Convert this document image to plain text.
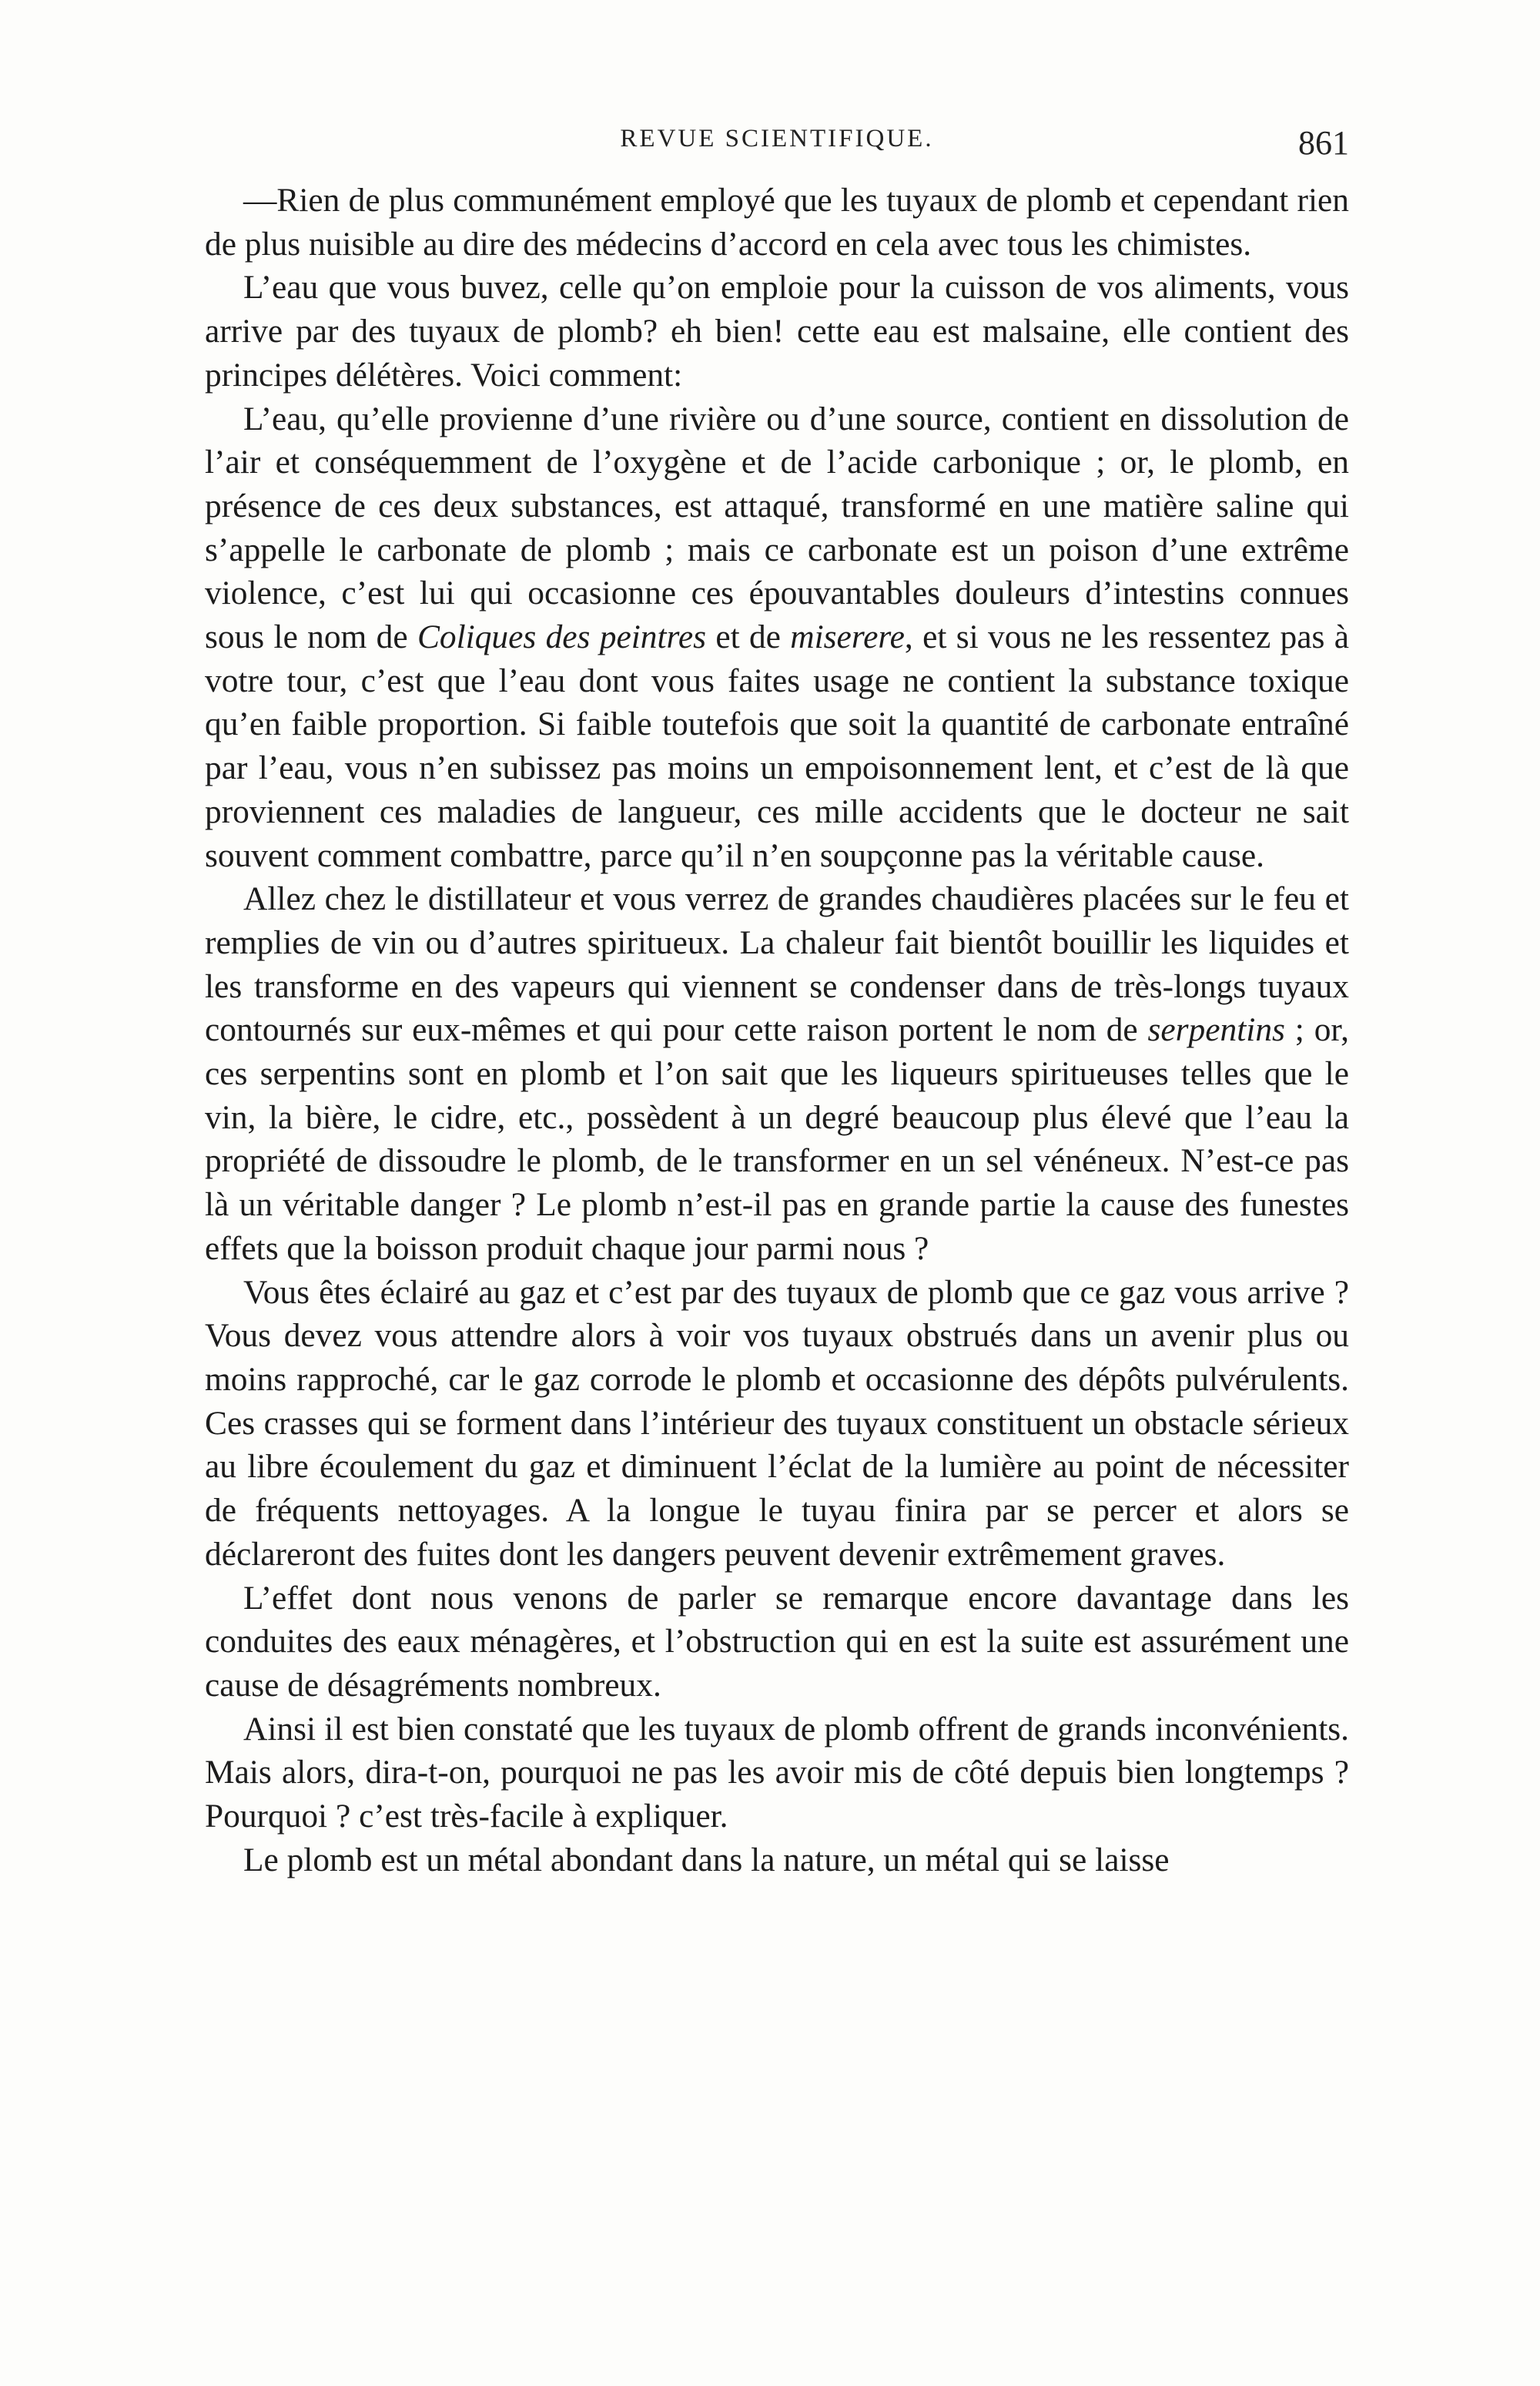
REVUE SCIENTIFIQUE.	861

—Rien de plus communément employé que les tuyaux de plomb et cependant rien de plus nuisible au dire des médecins d’accord en cela avec tous les chimistes.

L’eau que vous buvez, celle qu’on emploie pour la cuisson de vos aliments, vous arrive par des tuyaux de plomb? eh bien! cette eau est malsaine, elle contient des principes délétères. Voici comment:

L’eau, qu’elle provienne d’une rivière ou d’une source, contient en dissolution de l’air et conséquemment de l’oxygène et de l’acide carbonique ; or, le plomb, en présence de ces deux substances, est attaqué, transformé en une matière saline qui s’appelle le carbonate de plomb ; mais ce carbonate est un poison d’une extrême violence, c’est lui qui occasionne ces épouvantables douleurs d’intestins connues sous le nom de Coliques des peintres et de miserere, et si vous ne les ressentez pas à votre tour, c’est que l’eau dont vous faites usage ne contient la substance toxique qu’en faible proportion. Si faible toutefois que soit la quantité de carbonate entraîné par l’eau, vous n’en subissez pas moins un empoisonnement lent, et c’est de là que proviennent ces maladies de langueur, ces mille accidents que le docteur ne sait souvent comment combattre, parce qu’il n’en soupçonne pas la véritable cause.

Allez chez le distillateur et vous verrez de grandes chaudières placées sur le feu et remplies de vin ou d’autres spiritueux. La chaleur fait bientôt bouillir les liquides et les transforme en des vapeurs qui viennent se condenser dans de très-longs tuyaux contournés sur eux-mêmes et qui pour cette raison portent le nom de serpentins ; or, ces serpentins sont en plomb et l’on sait que les liqueurs spiritueuses telles que le vin, la bière, le cidre, etc., possèdent à un degré beaucoup plus élevé que l’eau la propriété de dissoudre le plomb, de le transformer en un sel vénéneux. N’est-ce pas là un véritable danger ? Le plomb n’est-il pas en grande partie la cause des funestes effets que la boisson produit chaque jour parmi nous ?

Vous êtes éclairé au gaz et c’est par des tuyaux de plomb que ce gaz vous arrive ? Vous devez vous attendre alors à voir vos tuyaux obstrués dans un avenir plus ou moins rapproché, car le gaz corrode le plomb et occasionne des dépôts pulvérulents. Ces crasses qui se forment dans l’intérieur des tuyaux constituent un obstacle sérieux au libre écoulement du gaz et diminuent l’éclat de la lumière au point de nécessiter de fréquents nettoyages. A la longue le tuyau finira par se percer et alors se déclareront des fuites dont les dangers peuvent devenir extrêmement graves.

L’effet dont nous venons de parler se remarque encore davantage dans les conduites des eaux ménagères, et l’obstruction qui en est la suite est assurément une cause de désagréments nombreux.

Ainsi il est bien constaté que les tuyaux de plomb offrent de grands inconvénients. Mais alors, dira-t-on, pourquoi ne pas les avoir mis de côté depuis bien longtemps ? Pourquoi ? c’est très-facile à expliquer.

Le plomb est un métal abondant dans la nature, un métal qui se laisse
